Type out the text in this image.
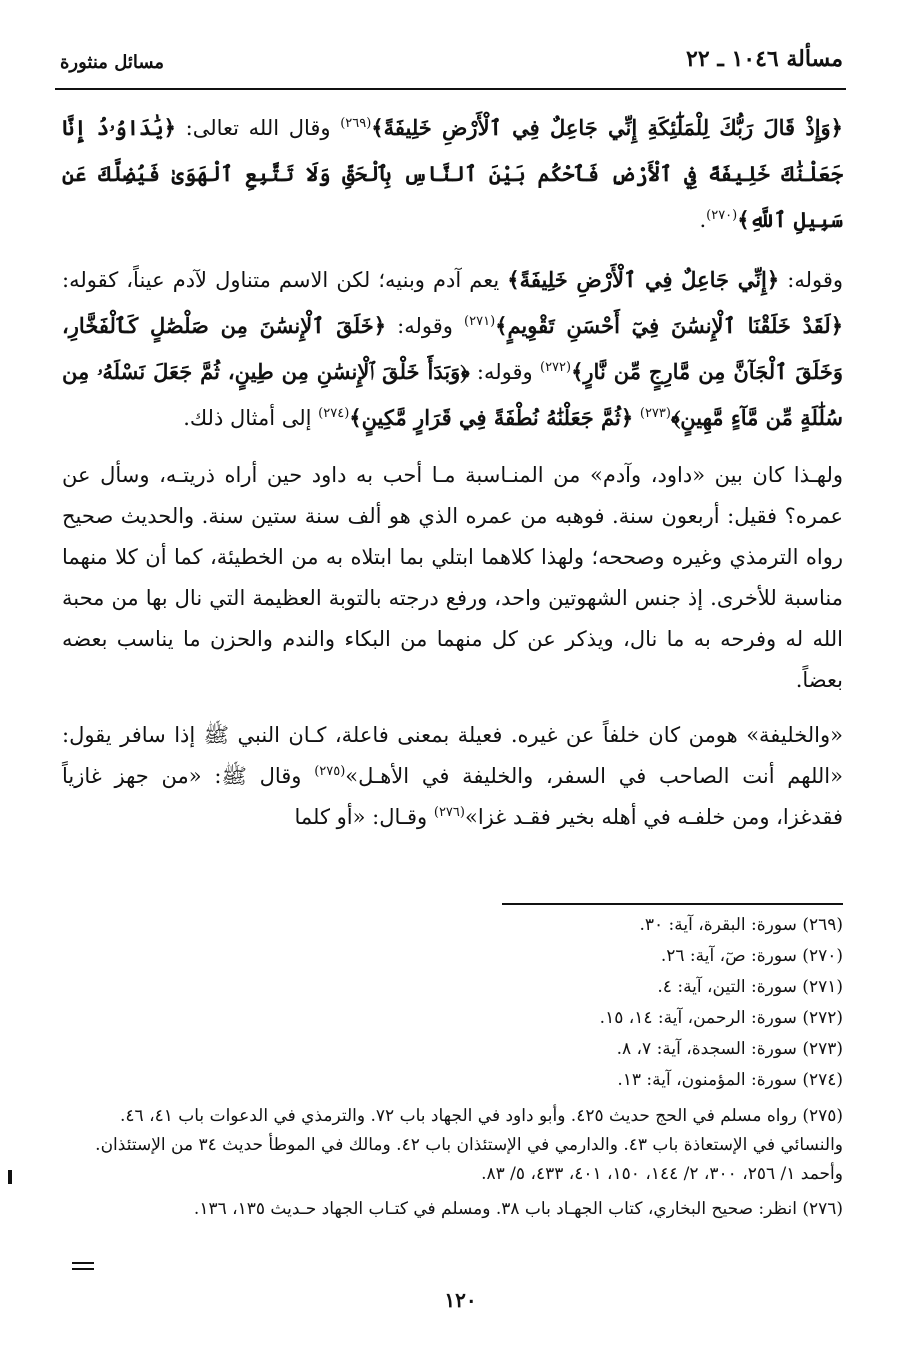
مسألة ١٠٤٦ ـ ٢٢
مسائل منثورة

﴿وَإِذْ قَالَ رَبُّكَ لِلْمَلَٰٓئِكَةِ إِنِّي جَاعِلٌ فِي ٱلْأَرْضِ خَلِيفَةً﴾$^{(٢٦٩)}$ وقال الله تعالى: ﴿يَٰدَاوُۥدُ إِنَّا جَعَلْنَٰكَ خَلِيفَةً فِي ٱلْأَرْضِ فَٱحْكُم بَيْنَ ٱلنَّاسِ بِٱلْحَقِّ وَلَا تَتَّبِعِ ٱلْهَوَىٰ فَيُضِلَّكَ عَن سَبِيلِ ٱللَّهِ﴾$^{(٢٧٠)}$.

وقوله: ﴿إِنِّي جَاعِلٌ فِي ٱلْأَرْضِ خَلِيفَةً﴾ يعم آدم وبنيه؛ لكن الاسم متناول لآدم عيناً، كقوله: ﴿لَقَدْ خَلَقْنَا ٱلْإِنسَٰنَ فِيٓ أَحْسَنِ تَقْوِيمٍ﴾$^{(٢٧١)}$ وقوله: ﴿خَلَقَ ٱلْإِنسَٰنَ مِن صَلْصَٰلٍ كَٱلْفَخَّارِ، وَخَلَقَ ٱلْجَآنَّ مِن مَّارِجٍ مِّن نَّارٍ﴾$^{(٢٧٢)}$ وقوله: ﴿وَبَدَأَ خَلْقَ ٱلْإِنسَٰنِ مِن طِينٍ، ثُمَّ جَعَلَ نَسْلَهُۥ مِن سُلَٰلَةٍ مِّن مَّآءٍ مَّهِينٍ﴾$^{(٢٧٣)}$ ﴿ثُمَّ جَعَلْنَٰهُ نُطْفَةً فِي قَرَارٍ مَّكِينٍ﴾$^{(٢٧٤)}$ إلى أمثال ذلك.

ولهـذا كان بين «داود، وآدم» من المنـاسبة مـا أحب به داود حين أراه ذريتـه، وسأل عن عمره؟ فقيل: أربعون سنة. فوهبه من عمره الذي هو ألف سنة ستين سنة. والحديث صحيح رواه الترمذي وغيره وصححه؛ ولهذا كلاهما ابتلي بما ابتلاه به من الخطيئة، كما أن كلا منهما مناسبة للأخرى. إذ جنس الشهوتين واحد، ورفع درجته بالتوبة العظيمة التي نال بها من محبة الله له وفرحه به ما نال، ويذكر عن كل منهما من البكاء والندم والحزن ما يناسب بعضه بعضاً.

«والخليفة» هومن كان خلفاً عن غيره. فعيلة بمعنى فاعلة، كـان النبي ﷺ إذا سافر يقول: «اللهم أنت الصاحب في السفر، والخليفة في الأهـل»$^{(٢٧٥)}$ وقال ﷺ: «من جهز غازياً فقدغزا، ومن خلفـه في أهله بخير فقـد غزا»$^{(٢٧٦)}$ وقـال: «أو كلما

(٢٦٩) سورة: البقرة، آية: ٣٠.

(٢٧٠) سورة: صٓ، آية: ٢٦.

(٢٧١) سورة: التين، آية: ٤.

(٢٧٢) سورة: الرحمن، آية: ١٤، ١٥.

(٢٧٣) سورة: السجدة، آية: ٧، ٨.

(٢٧٤) سورة: المؤمنون، آية: ١٣.

(٢٧٥) رواه مسلم في الحج حديث ٤٢٥. وأبو داود في الجهاد باب ٧٢. والترمذي في الدعوات باب ٤١، ٤٦. والنسائي في الإستعاذة باب ٤٣. والدارمي في الإستئذان باب ٤٢. ومالك في الموطأ حديث ٣٤ من الإستئذان. وأحمد ١/ ٢٥٦، ٣٠٠، ٢/ ١٤٤، ١٥٠، ٤٠١، ٤٣٣، ٥/ ٨٣.

(٢٧٦) انظر: صحيح البخاري، كتاب الجهـاد باب ٣٨. ومسلم في كتـاب الجهاد حـديث ١٣٥، ١٣٦.

١٢٠
